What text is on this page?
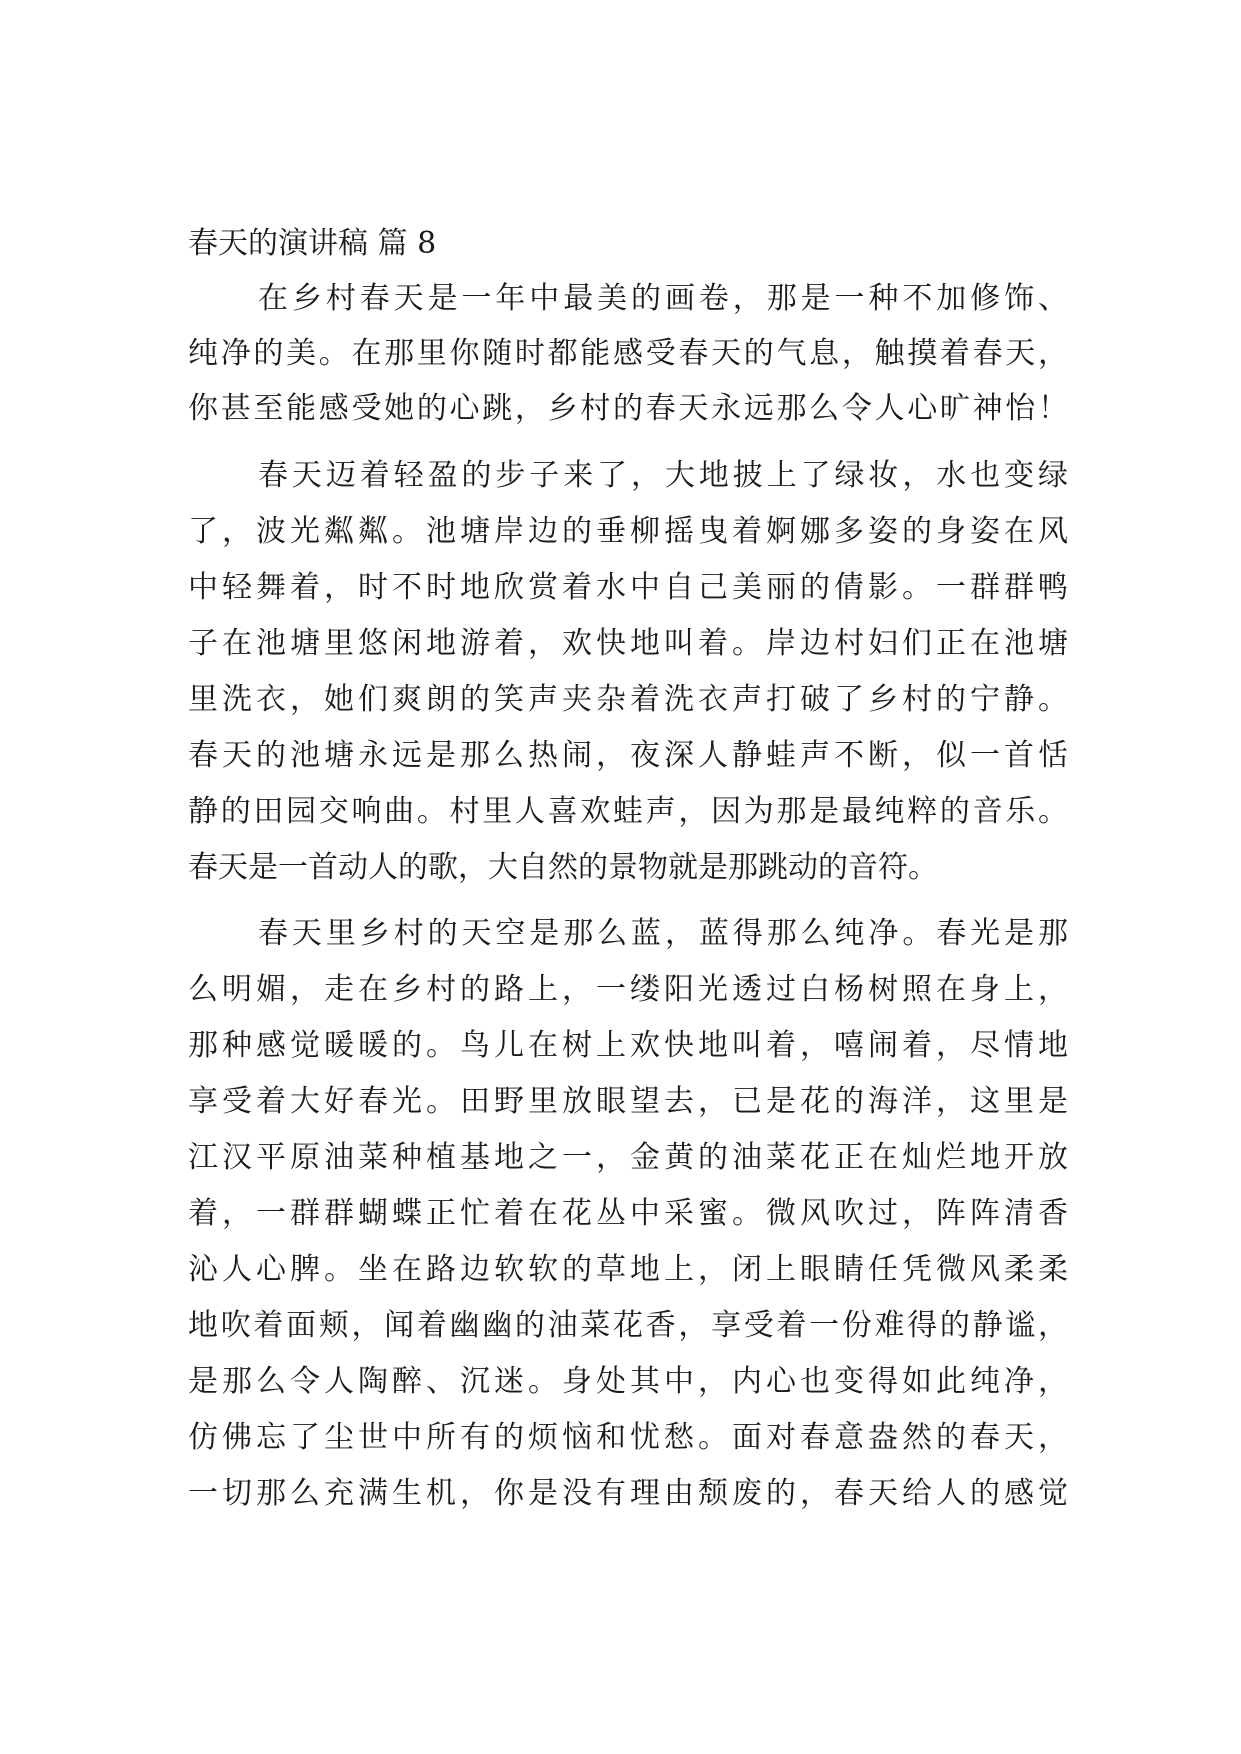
春天的演讲稿 篇 8
在乡村春天是一年中最美的画卷，那是一种不加修饰、
纯净的美。在那里你随时都能感受春天的气息，触摸着春天，
你甚至能感受她的心跳，乡村的春天永远那么令人心旷神怡！
春天迈着轻盈的步子来了，大地披上了绿妆，水也变绿
了，波光粼粼。池塘岸边的垂柳摇曳着婀娜多姿的身姿在风
中轻舞着，时不时地欣赏着水中自己美丽的倩影。一群群鸭
子在池塘里悠闲地游着，欢快地叫着。岸边村妇们正在池塘
里洗衣，她们爽朗的笑声夹杂着洗衣声打破了乡村的宁静。
春天的池塘永远是那么热闹，夜深人静蛙声不断，似一首恬
静的田园交响曲。村里人喜欢蛙声，因为那是最纯粹的音乐。
春天是一首动人的歌，大自然的景物就是那跳动的音符。
春天里乡村的天空是那么蓝，蓝得那么纯净。春光是那
么明媚，走在乡村的路上，一缕阳光透过白杨树照在身上，
那种感觉暖暖的。鸟儿在树上欢快地叫着，嘻闹着，尽情地
享受着大好春光。田野里放眼望去，已是花的海洋，这里是
江汉平原油菜种植基地之一，金黄的油菜花正在灿烂地开放
着，一群群蝴蝶正忙着在花丛中采蜜。微风吹过，阵阵清香
沁人心脾。坐在路边软软的草地上，闭上眼睛任凭微风柔柔
地吹着面颊，闻着幽幽的油菜花香，享受着一份难得的静谧，
是那么令人陶醉、沉迷。身处其中，内心也变得如此纯净，
仿佛忘了尘世中所有的烦恼和忧愁。面对春意盎然的春天，
一切那么充满生机，你是没有理由颓废的，春天给人的感觉
